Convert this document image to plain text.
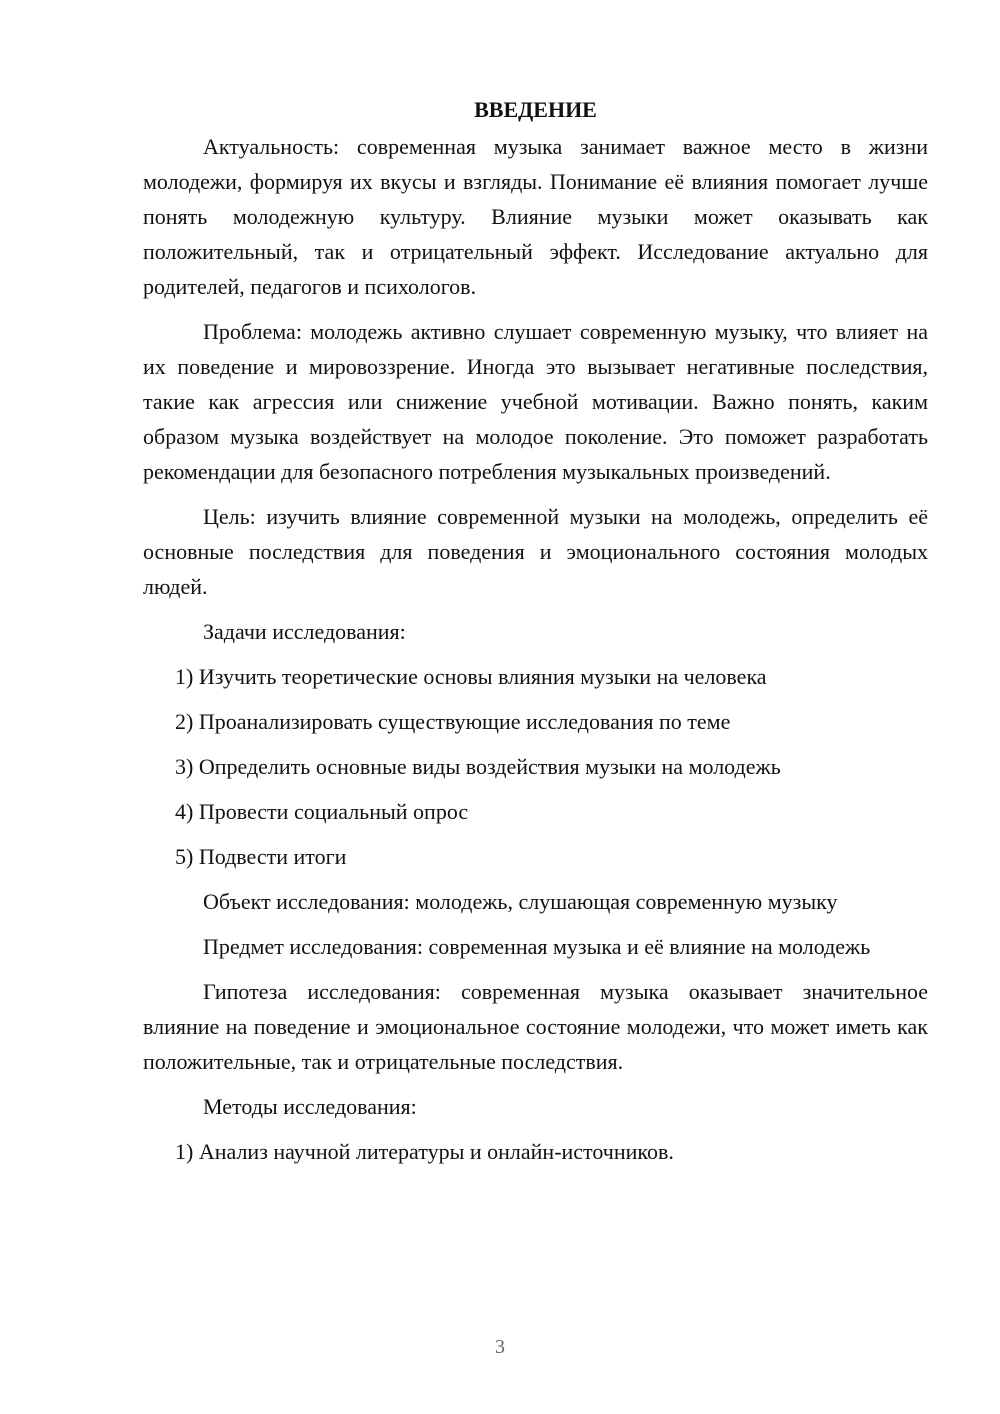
ВВЕДЕНИЕ

Актуальность: современная музыка занимает важное место в жизни молодежи, формируя их вкусы и взгляды. Понимание её влияния помогает лучше понять молодежную культуру. Влияние музыки может оказывать как положительный, так и отрицательный эффект. Исследование актуально для родителей, педагогов и психологов.

Проблема: молодежь активно слушает современную музыку, что влияет на их поведение и мировоззрение. Иногда это вызывает негативные последствия, такие как агрессия или снижение учебной мотивации. Важно понять, каким образом музыка воздействует на молодое поколение. Это поможет разработать рекомендации для безопасного потребления музыкальных произведений.

Цель: изучить влияние современной музыки на молодежь, определить её основные последствия для поведения и эмоционального состояния молодых людей.

Задачи исследования:

1) Изучить теоретические основы влияния музыки на человека

2) Проанализировать существующие исследования по теме

3) Определить основные виды воздействия музыки на молодежь

4) Провести социальный опрос

5) Подвести итоги

Объект исследования: молодежь, слушающая современную музыку

Предмет исследования: современная музыка и её влияние на молодежь

Гипотеза исследования: современная музыка оказывает значительное влияние на поведение и эмоциональное состояние молодежи, что может иметь как положительные, так и отрицательные последствия.

Методы исследования:

1) Анализ научной литературы и онлайн-источников.

3
